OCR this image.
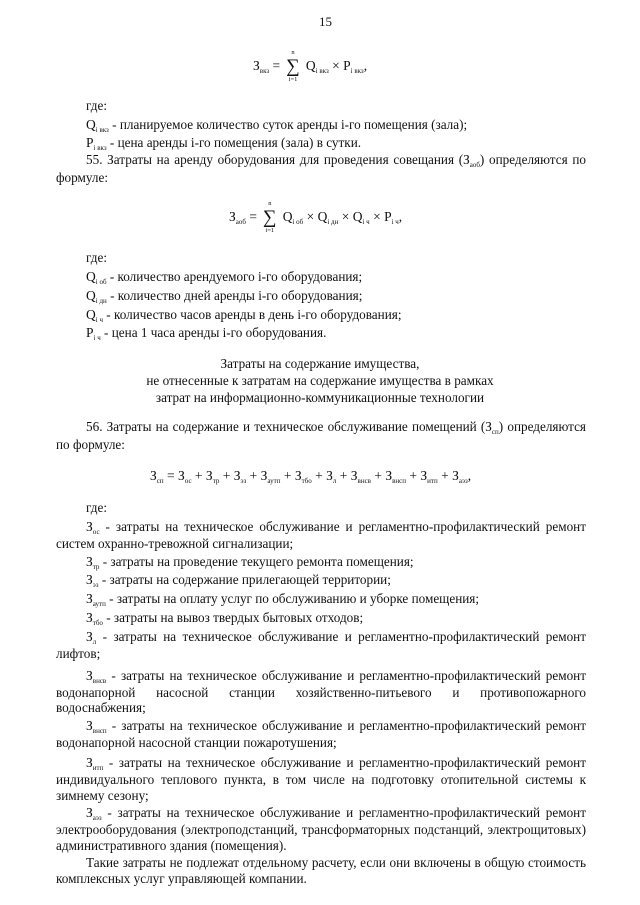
15
$З_{вкз}$ =
n
∑
i=1
$Q_{i вкз} \times P_{i вкз}$,
где:
$Q_{i вкз}$ - планируемое количество суток аренды i-го помещения (зала);
$P_{i вкз}$ - цена аренды i-го помещения (зала) в сутки.
55. Затраты на аренду оборудования для проведения совещания $(З_{аоб})$ определяются по
формуле:
$З_{аоб}$ =
n
∑
i=1
$Q_{i об} \times Q_{i дн} \times Q_{i ч} \times P_{i ч}$,
где:
$Q_{i об}$ - количество арендуемого i-го оборудования;
$Q_{i дн}$ - количество дней аренды i-го оборудования;
$Q_{i ч}$ - количество часов аренды в день i-го оборудования;
$P_{i ч}$ - цена 1 часа аренды i-го оборудования.
Затраты на содержание имущества,
не отнесенные к затратам на содержание имущества в рамках
затрат на информационно-коммуникационные технологии
56. Затраты на содержание и техническое обслуживание помещений $(З_{сп})$ определяются
по формуле:
$З_{сп} = З_{ос} + З_{тр} + З_{эз} + З_{аутп} + З_{тбо} + З_л + З_{внсв} + З_{внсп} + З_{итп} + З_{аэз}$,
где:
$З_{ос}$ - затраты на техническое обслуживание и регламентно-профилактический ремонт
систем охранно-тревожной сигнализации;
$З_{тр}$ - затраты на проведение текущего ремонта помещения;
$З_{эз}$ - затраты на содержание прилегающей территории;
$З_{аутп}$ - затраты на оплату услуг по обслуживанию и уборке помещения;
$З_{тбо}$ - затраты на вывоз твердых бытовых отходов;
$З_л$ - затраты на техническое обслуживание и регламентно-профилактический ремонт
лифтов;
$З_{внсв}$ - затраты на техническое обслуживание и регламентно-профилактический ремонт
водонапорной насосной станции хозяйственно-питьевого и противопожарного
водоснабжения;
$З_{внсп}$ - затраты на техническое обслуживание и регламентно-профилактический ремонт
водонапорной насосной станции пожаротушения;
$З_{итп}$ - затраты на техническое обслуживание и регламентно-профилактический ремонт
индивидуального теплового пункта, в том числе на подготовку отопительной системы к
зимнему сезону;
$З_{аэз}$ - затраты на техническое обслуживание и регламентно-профилактический ремонт
электрооборудования (электроподстанций, трансформаторных подстанций, электрощитовых)
административного здания (помещения).
Такие затраты не подлежат отдельному расчету, если они включены в общую стоимость
комплексных услуг управляющей компании.
